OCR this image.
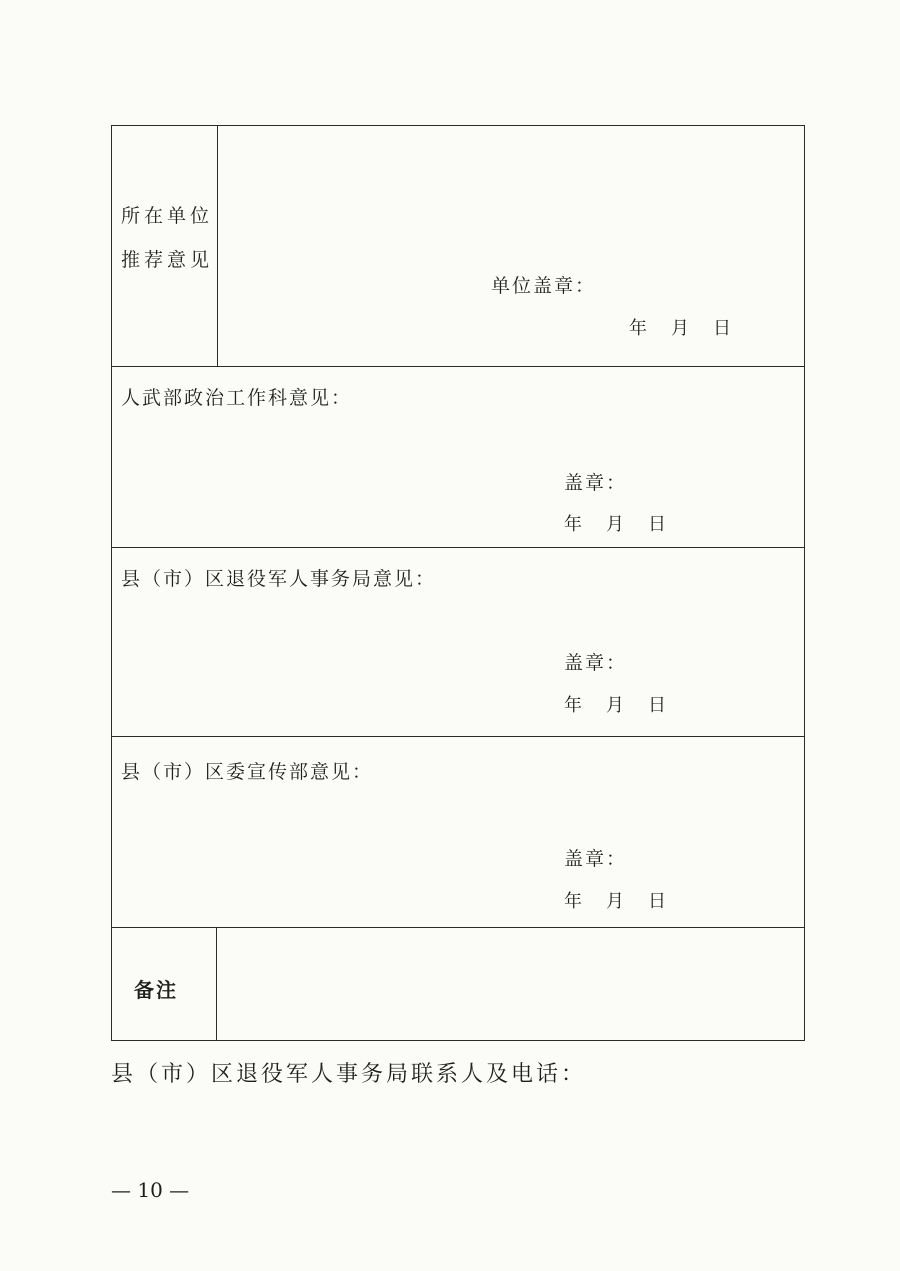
所在单位
推荐意见
单位盖章：
年 月 日
人武部政治工作科意见：
盖章：
年 月 日
县（市）区退役军人事务局意见：
盖章：
年 月 日
县（市）区委宣传部意见：
盖章：
年 月 日
备注
县（市）区退役军人事务局联系人及电话：
— 10 —
